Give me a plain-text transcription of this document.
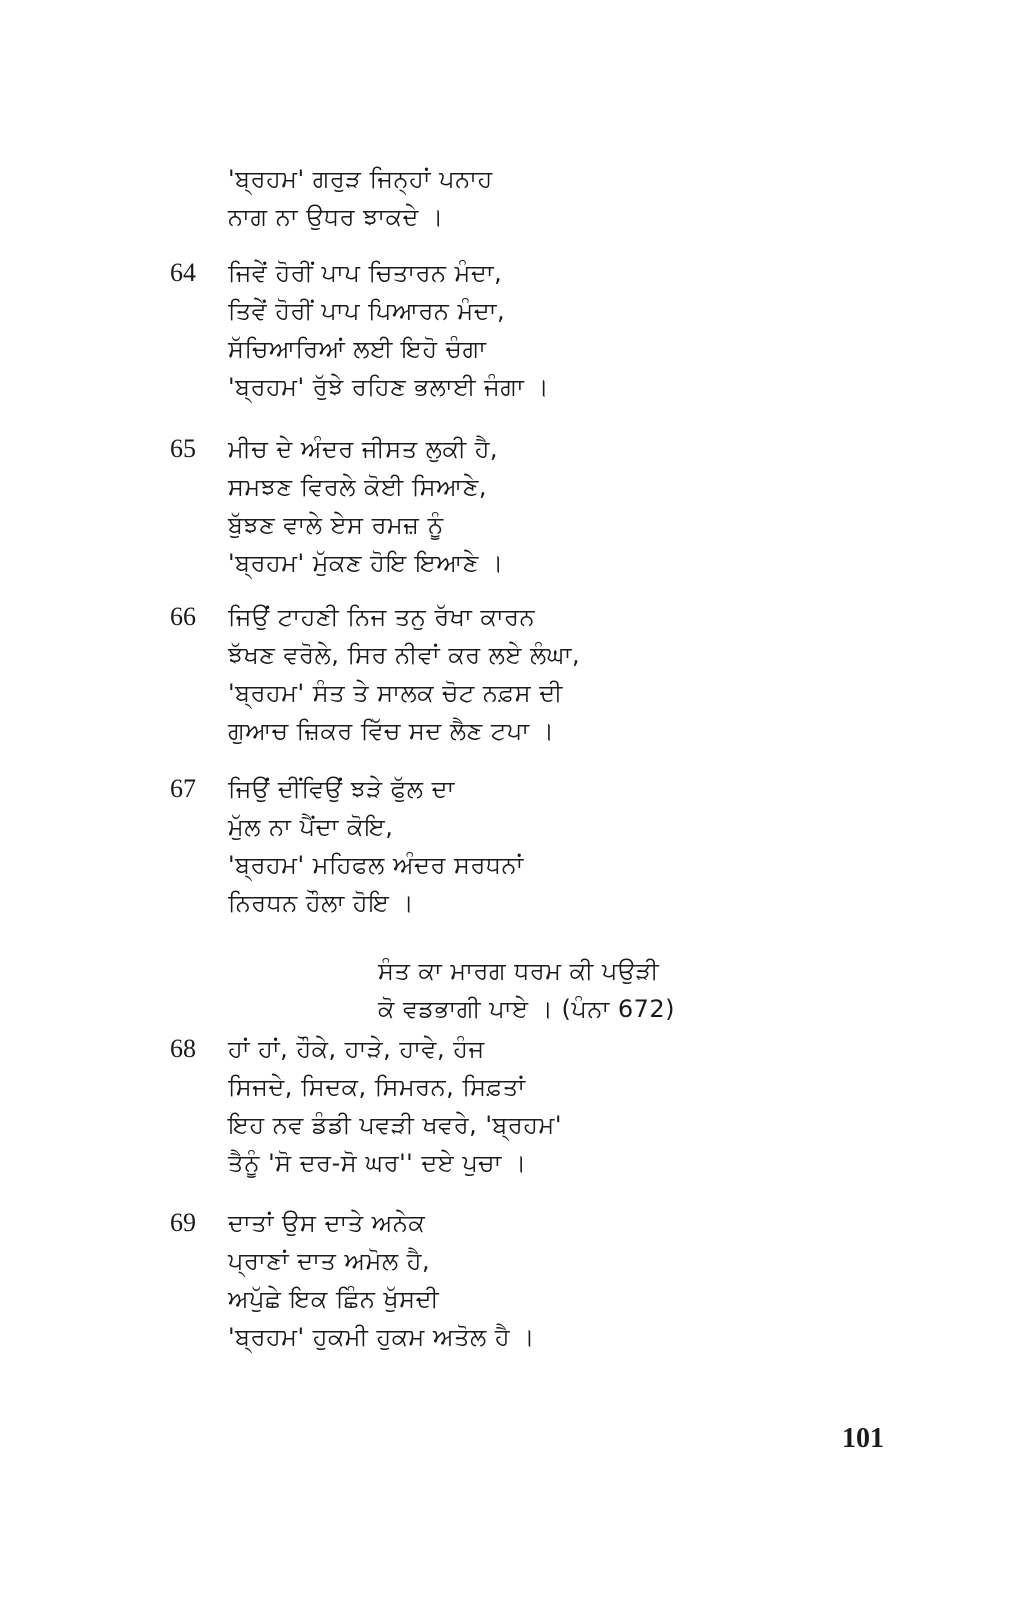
'ਬ੍ਰਹਮ' ਗਰੁੜ ਜਿਨ੍ਹਾਂ ਪਨਾਹ
ਨਾਗ ਨਾ ਉਧਰ ਝਾਕਦੇ ।
64 ਜਿਵੇਂ ਹੋਰੀਂ ਪਾਪ ਚਿਤਾਰਨ ਮੰਦਾ,
ਤਿਵੇਂ ਹੋਰੀਂ ਪਾਪ ਪਿਆਰਨ ਮੰਦਾ,
ਸੱਚਿਆਰਿਆਂ ਲਈ ਇਹੋ ਚੰਗਾ
'ਬ੍ਰਹਮ' ਰੁੱਝੇ ਰਹਿਣ ਭਲਾਈ ਜੰਗਾ ।
65 ਮੀਚ ਦੇ ਅੰਦਰ ਜੀਸਤ ਲੁਕੀ ਹੈ,
ਸਮਝਣ ਵਿਰਲੇ ਕੋਈ ਸਿਆਣੇ,
ਬੁੱਝਣ ਵਾਲੇ ਏਸ ਰਮਜ਼ ਨੂੰ
'ਬ੍ਰਹਮ' ਮੁੱਕਣ ਹੋਇ ਇਆਣੇ ।
66 ਜਿਉਂ ਟਾਹਣੀ ਨਿਜ ਤਨੁ ਰੱਖਾ ਕਾਰਨ
ਝੱਖਣ ਵਰੋਲੇ, ਸਿਰ ਨੀਵਾਂ ਕਰ ਲਏ ਲੰਘਾ,
'ਬ੍ਰਹਮ' ਸੰਤ ਤੇ ਸਾਲਕ ਚੋਟ ਨਫ਼ਸ ਦੀ
ਗੁਆਚ ਜ਼ਿਕਰ ਵਿੱਚ ਸਦ ਲੈਣ ਟਪਾ ।
67 ਜਿਉਂ ਦੀਂਵਿਉਂ ਝੜੇ ਫੁੱਲ ਦਾ
ਮੁੱਲ ਨਾ ਪੈਂਦਾ ਕੋਇ,
'ਬ੍ਰਹਮ' ਮਹਿਫਲ ਅੰਦਰ ਸਰਧਨਾਂ
ਨਿਰਧਨ ਹੌਲਾ ਹੋਇ ।
ਸੰਤ ਕਾ ਮਾਰਗ ਧਰਮ ਕੀ ਪਉੜੀ
ਕੋ ਵਡਭਾਗੀ ਪਾਏ । (ਪੰਨਾ 672)
68 ਹਾਂ ਹਾਂ, ਹੌਕੇ, ਹਾੜੇ, ਹਾਵੇ, ਹੰਜ
ਸਿਜਦੇ, ਸਿਦਕ, ਸਿਮਰਨ, ਸਿਫ਼ਤਾਂ
ਇਹ ਨਵ ਡੰਡੀ ਪਵੜੀ ਖਵਰੇ, 'ਬ੍ਰਹਮ'
ਤੈਨੂੰ 'ਸੋ ਦਰ-ਸੋ ਘਰ'' ਦਏ ਪੁਚਾ ।
69 ਦਾਤਾਂ ਉਸ ਦਾਤੇ ਅਨੇਕ
ਪ੍ਰਾਣਾਂ ਦਾਤ ਅਮੋਲ ਹੈ,
ਅਪੁੱਛੇ ਇਕ ਛਿੰਨ ਖੁੱਸਦੀ
'ਬ੍ਰਹਮ' ਹੁਕਮੀ ਹੁਕਮ ਅਤੋਲ ਹੈ ।
101
